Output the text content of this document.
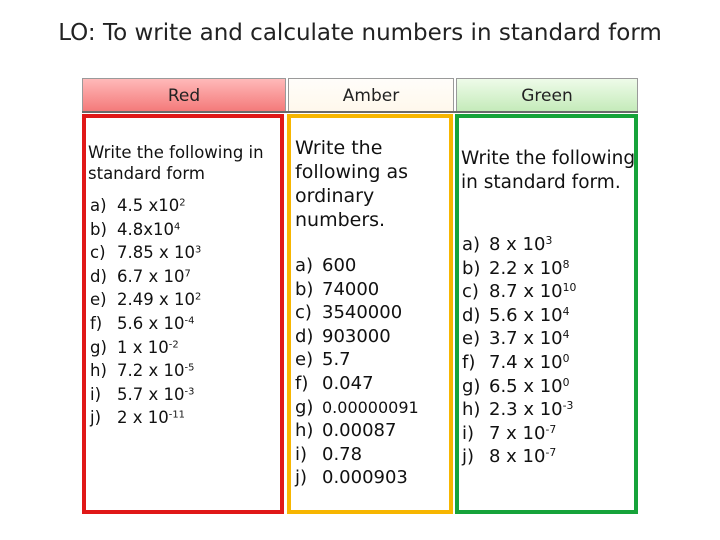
LO: To write and calculate numbers in standard form
Red	Amber	Green
Write the following in standard form
Write the following as ordinary numbers.
Write the following in standard form.
a) 4.5 $x10^2$
b) $4.8x10^4$
c) 7.85 x $10^3$
d) 6.7 x $10^7$
e) 2.49 x $10^2$
f) 5.6 x $10^{-4}$
g) 1 x $10^{-2}$
h) 7.2 x $10^{-5}$
i) 5.7 x $10^{-3}$
j) 2 x $10^{-11}$
a) 600
b) 74000
c) 3540000
d) 903000
e) 5.7
f) 0.047
g) 0.00000091
h) 0.00087
i) 0.78
j) 0.000903
a) 8 x $10^3$
b) 2.2 x $10^8$
c) 8.7 x $10^{10}$
d) 5.6 x $10^4$
e) 3.7 x $10^4$
f) 7.4 x $10^0$
g) 6.5 x $10^0$
h) 2.3 x $10^{-3}$
i) 7 x $10^{-7}$
j) 8 x $10^{-7}$
